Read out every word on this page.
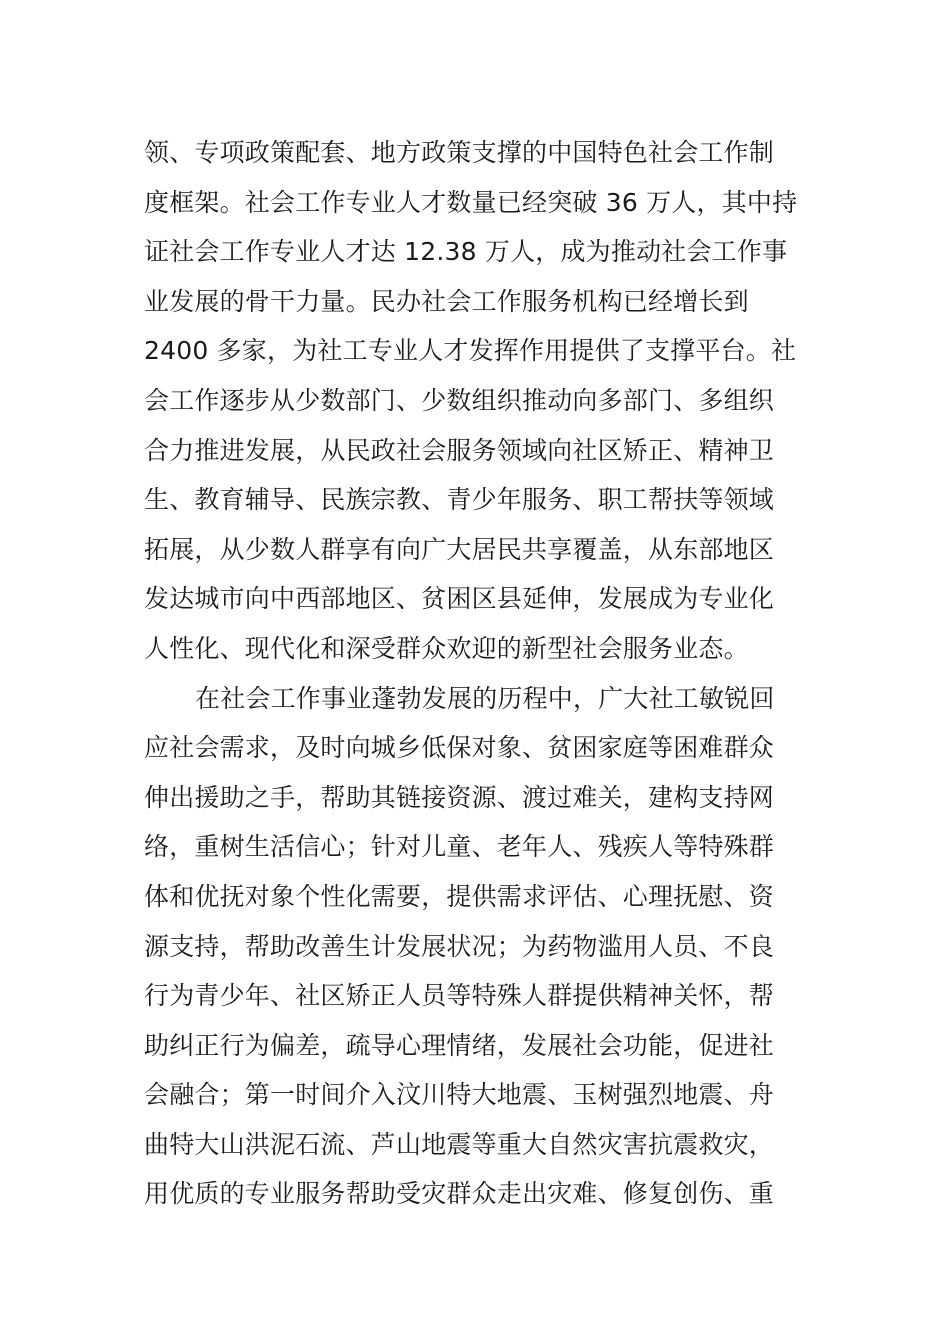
领、专项政策配套、地方政策支撑的中国特色社会工作制
度框架。社会工作专业人才数量已经突破 36 万人，其中持
证社会工作专业人才达 12.38 万人，成为推动社会工作事
业发展的骨干力量。民办社会工作服务机构已经增长到
2400 多家，为社工专业人才发挥作用提供了支撑平台。社
会工作逐步从少数部门、少数组织推动向多部门、多组织
合力推进发展，从民政社会服务领域向社区矫正、精神卫
生、教育辅导、民族宗教、青少年服务、职工帮扶等领域
拓展，从少数人群享有向广大居民共享覆盖，从东部地区
发达城市向中西部地区、贫困区县延伸，发展成为专业化
人性化、现代化和深受群众欢迎的新型社会服务业态。
在社会工作事业蓬勃发展的历程中，广大社工敏锐回
应社会需求，及时向城乡低保对象、贫困家庭等困难群众
伸出援助之手，帮助其链接资源、渡过难关，建构支持网
络，重树生活信心；针对儿童、老年人、残疾人等特殊群
体和优抚对象个性化需要，提供需求评估、心理抚慰、资
源支持，帮助改善生计发展状况；为药物滥用人员、不良
行为青少年、社区矫正人员等特殊人群提供精神关怀，帮
助纠正行为偏差，疏导心理情绪，发展社会功能，促进社
会融合；第一时间介入汶川特大地震、玉树强烈地震、舟
曲特大山洪泥石流、芦山地震等重大自然灾害抗震救灾，
用优质的专业服务帮助受灾群众走出灾难、修复创伤、重
